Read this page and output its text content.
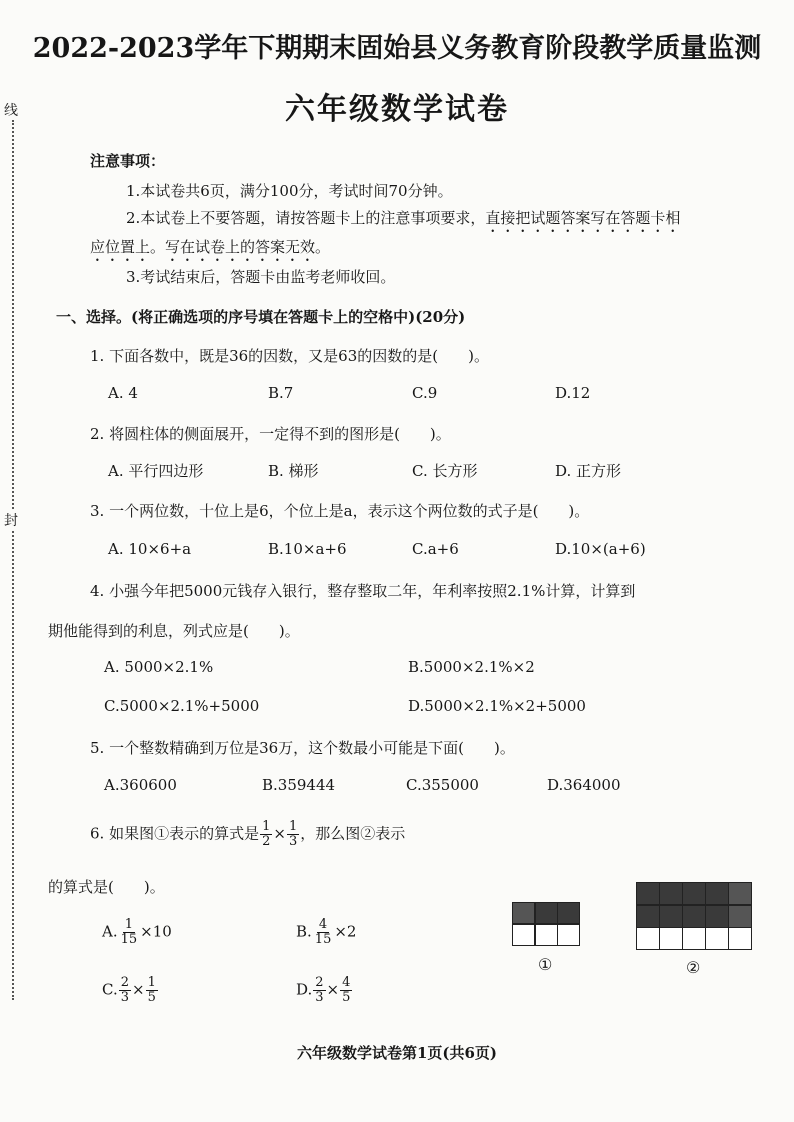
线
封
2022-2023学年下期期末固始县义务教育阶段教学质量监测
六年级数学试卷
注意事项：
1.本试卷共6页，满分100分，考试时间70分钟。
2.本试卷上不要答题，请按答题卡上的注意事项要求，直接把试题答案写在答题卡相
应位置上。写在试卷上的答案无效。
3.考试结束后，答题卡由监考老师收回。
一、选择。(将正确选项的序号填在答题卡上的空格中)(20分)
1. 下面各数中，既是36的因数，又是63的因数的是(　　)。
A. 4	B.7	C.9	D.12
2. 将圆柱体的侧面展开，一定得不到的图形是(　　)。
A. 平行四边形	B. 梯形	C. 长方形	D. 正方形
3. 一个两位数，十位上是6，个位上是a，表示这个两位数的式子是(　　)。
A. 10×6+a	B.10×a+6	C.a+6	D.10×(a+6)
4. 小强今年把5000元钱存入银行，整存整取二年，年利率按照2.1%计算，计算到
期他能得到的利息，列式应是(　　)。
A. 5000×2.1%	B.5000×2.1%×2
C.5000×2.1%+5000	D.5000×2.1%×2+5000
5. 一个整数精确到万位是36万，这个数最小可能是下面(　　)。
A.360600	B.359444	C.355000	D.364000
6. 如果图①表示的算式是 $\frac{1}{2} \times \frac{1}{3}$ ，那么图②表示
的算式是(　　)。
A. $\frac{1}{15} \times 10$	B. $\frac{4}{15} \times 2$
C. $\frac{2}{3} \times \frac{1}{5}$	D. $\frac{2}{3} \times \frac{4}{5}$
①	②
六年级数学试卷第1页(共6页)
